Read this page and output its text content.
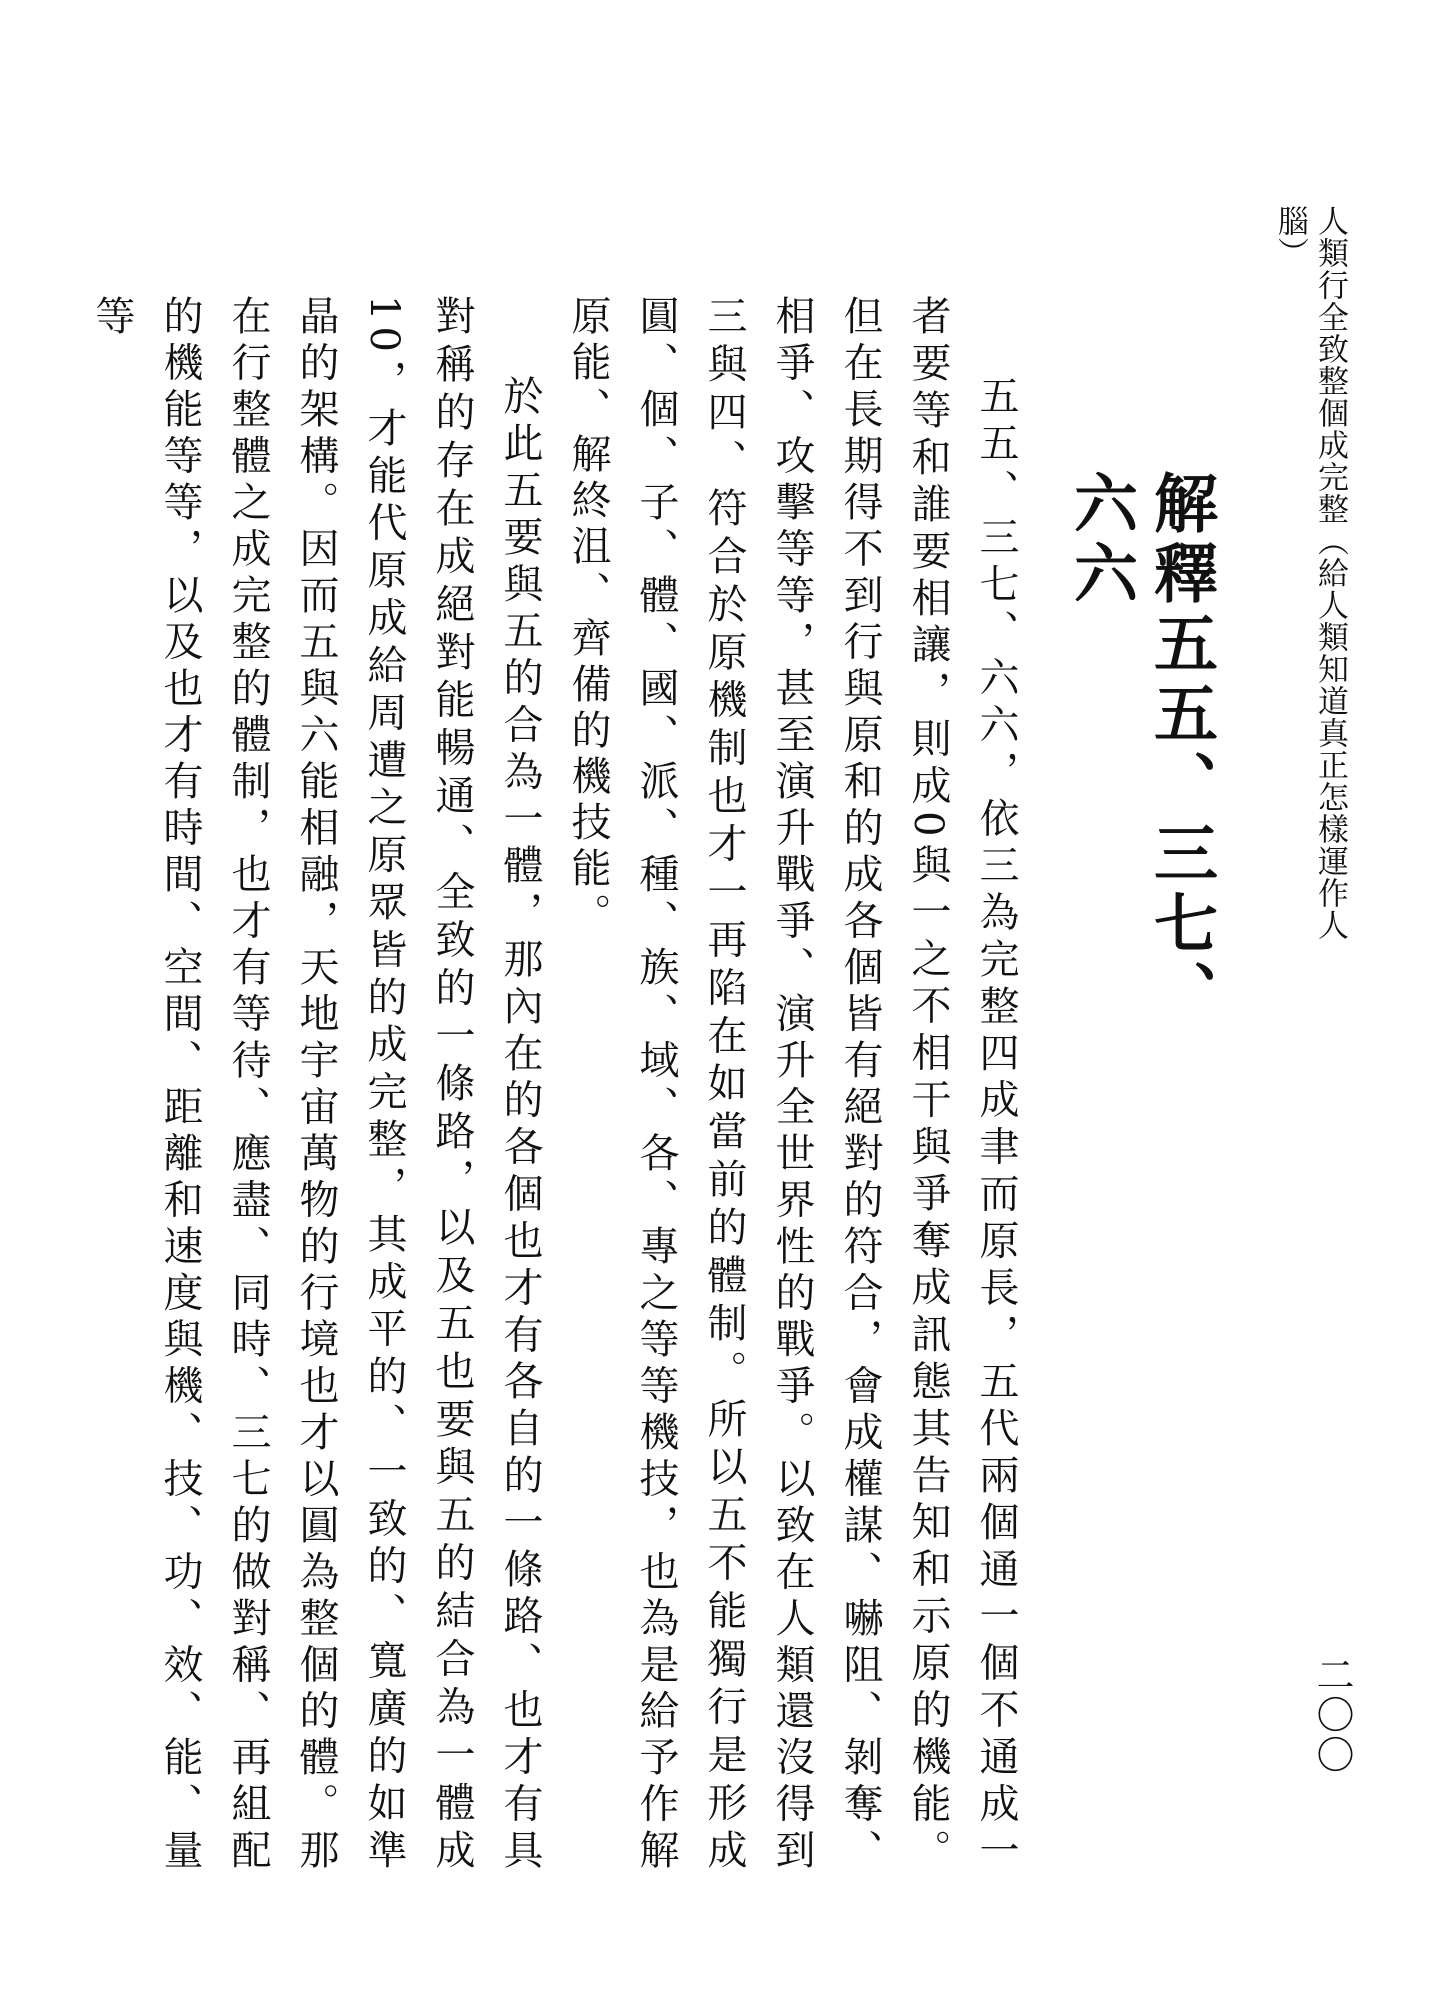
人類行全致整個成完整（給人類知道真正怎樣運作人腦）
二〇〇
解釋五五、三七、六六

五五、三七、六六，依三為完整四成聿而原長，五代兩個通一個不通成一者要等和誰要相讓，則成0與一之不相干與爭奪成訊態其告知和示原的機能。但在長期得不到行與原和的成各個皆有絕對的符合，會成權謀、嚇阻、剝奪、相爭、攻擊等等，甚至演升戰爭、演升全世界性的戰爭。以致在人類還沒得到三與四、符合於原機制也才一再陷在如當前的體制。所以五不能獨行是形成圓、個、子、體、國、派、種、族、域、各、專之等等機技，也為是給予作解原能、解終沮、齊備的機技能。

於此五要與五的合為一體，那內在的各個也才有各自的一條路、也才有具對稱的存在成絕對能暢通、全致的一條路，以及五也要與五的結合為一體成10，才能代原成給周遭之原眾皆的成完整，其成平的、一致的、寬廣的如準晶的架構。因而五與六能相融，天地宇宙萬物的行境也才以圓為整個的體。那在行整體之成完整的體制，也才有等待、應盡、同時、三七的做對稱、再組配的機能等等，以及也才有時間、空間、距離和速度與機、技、功、效、能、量等
